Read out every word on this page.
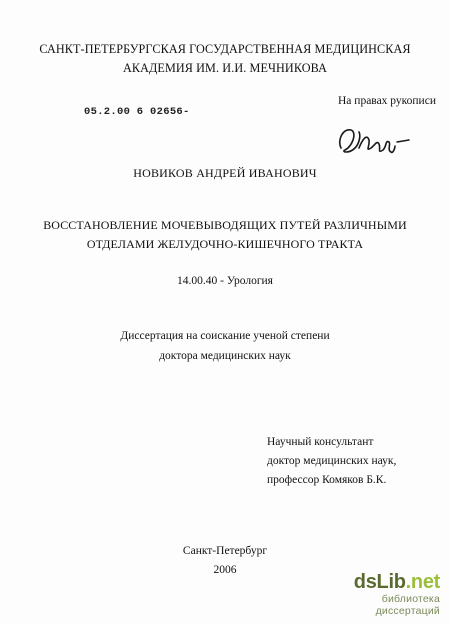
САНКТ-ПЕТЕРБУРГСКАЯ ГОСУДАРСТВЕННАЯ МЕДИЦИНСКАЯ
АКАДЕМИЯ ИМ. И.И. МЕЧНИКОВА
05.2.00 6 02656-
На правах рукописи
НОВИКОВ АНДРЕЙ ИВАНОВИЧ
ВОССТАНОВЛЕНИЕ МОЧЕВЫВОДЯЩИХ ПУТЕЙ РАЗЛИЧНЫМИ
ОТДЕЛАМИ ЖЕЛУДОЧНО-КИШЕЧНОГО ТРАКТА
14.00.40 - Урология
Диссертация на соискание ученой степени
доктора медицинских наук
Научный консультант
доктор медицинских наук,
профессор Комяков Б.К.
Санкт-Петербург
2006
dsLib.net
библиотека диссертаций
